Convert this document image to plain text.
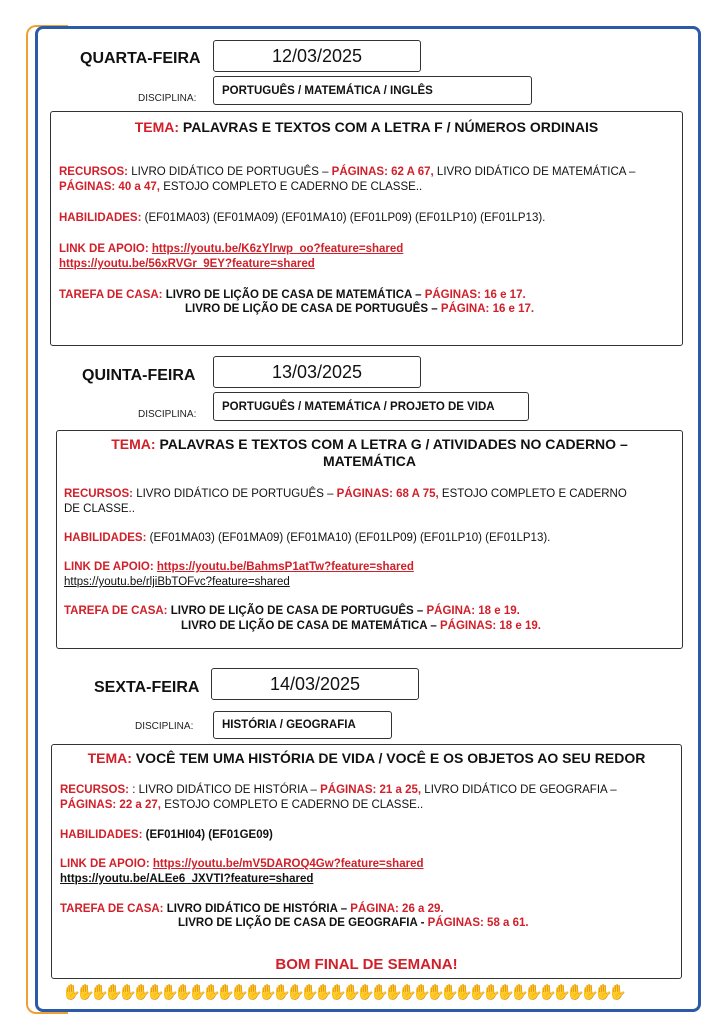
QUARTA-FEIRA	12/03/2025
DISCIPLINA:
PORTUGUÊS / MATEMÁTICA / INGLÊS
TEMA: PALAVRAS E TEXTOS COM A LETRA F / NÚMEROS ORDINAIS
RECURSOS: LIVRO DIDÁTICO DE PORTUGUÊS – PÁGINAS: 62 A 67, LIVRO DIDÁTICO DE MATEMÁTICA –
PÁGINAS: 40 a 47, ESTOJO COMPLETO E CADERNO DE CLASSE..
HABILIDADES: (EF01MA03) (EF01MA09) (EF01MA10) (EF01LP09) (EF01LP10) (EF01LP13).
LINK DE APOIO: https://youtu.be/K6zYlrwp_oo?feature=shared
https://youtu.be/56xRVGr_9EY?feature=shared
TAREFA DE CASA: LIVRO DE LIÇÃO DE CASA DE MATEMÁTICA – PÁGINAS: 16 e 17.
LIVRO DE LIÇÃO DE CASA DE PORTUGUÊS – PÁGINA: 16 e 17.
QUINTA-FEIRA	13/03/2025
DISCIPLINA:
PORTUGUÊS / MATEMÁTICA / PROJETO DE VIDA
TEMA: PALAVRAS E TEXTOS COM A LETRA G / ATIVIDADES NO CADERNO –
MATEMÁTICA
RECURSOS: LIVRO DIDÁTICO DE PORTUGUÊS – PÁGINAS: 68 A 75, ESTOJO COMPLETO E CADERNO
DE CLASSE..
HABILIDADES: (EF01MA03) (EF01MA09) (EF01MA10) (EF01LP09) (EF01LP10) (EF01LP13).
LINK DE APOIO: https://youtu.be/BahmsP1atTw?feature=shared
https://youtu.be/rljiBbTOFvc?feature=shared
TAREFA DE CASA: LIVRO DE LIÇÃO DE CASA DE PORTUGUÊS – PÁGINA: 18 e 19.
LIVRO DE LIÇÃO DE CASA DE MATEMÁTICA – PÁGINAS: 18 e 19.
SEXTA-FEIRA	14/03/2025
DISCIPLINA:	HISTÓRIA / GEOGRAFIA
TEMA: VOCÊ TEM UMA HISTÓRIA DE VIDA / VOCÊ E OS OBJETOS AO SEU REDOR
RECURSOS: : LIVRO DIDÁTICO DE HISTÓRIA – PÁGINAS: 21 a 25, LIVRO DIDÁTICO DE GEOGRAFIA –
PÁGINAS: 22 a 27, ESTOJO COMPLETO E CADERNO DE CLASSE..
HABILIDADES: (EF01HI04) (EF01GE09)
LINK DE APOIO: https://youtu.be/mV5DAROQ4Gw?feature=shared
https://youtu.be/ALEe6_JXVTI?feature=shared
TAREFA DE CASA: LIVRO DIDÁTICO DE HISTÓRIA – PÁGINA: 26 a 29.
LIVRO DE LIÇÃO DE CASA DE GEOGRAFIA - PÁGINAS: 58 a 61.
BOM FINAL DE SEMANA!
✋
✋
✋
✋
✋
✋
✋
✋
✋
✋
✋
✋
✋
✋
✋
✋
✋
✋
✋
✋
✋
✋
✋
✋
✋
✋
✋
✋
✋
✋
✋
✋
✋
✋
✋
✋
✋
✋
✋
✋
